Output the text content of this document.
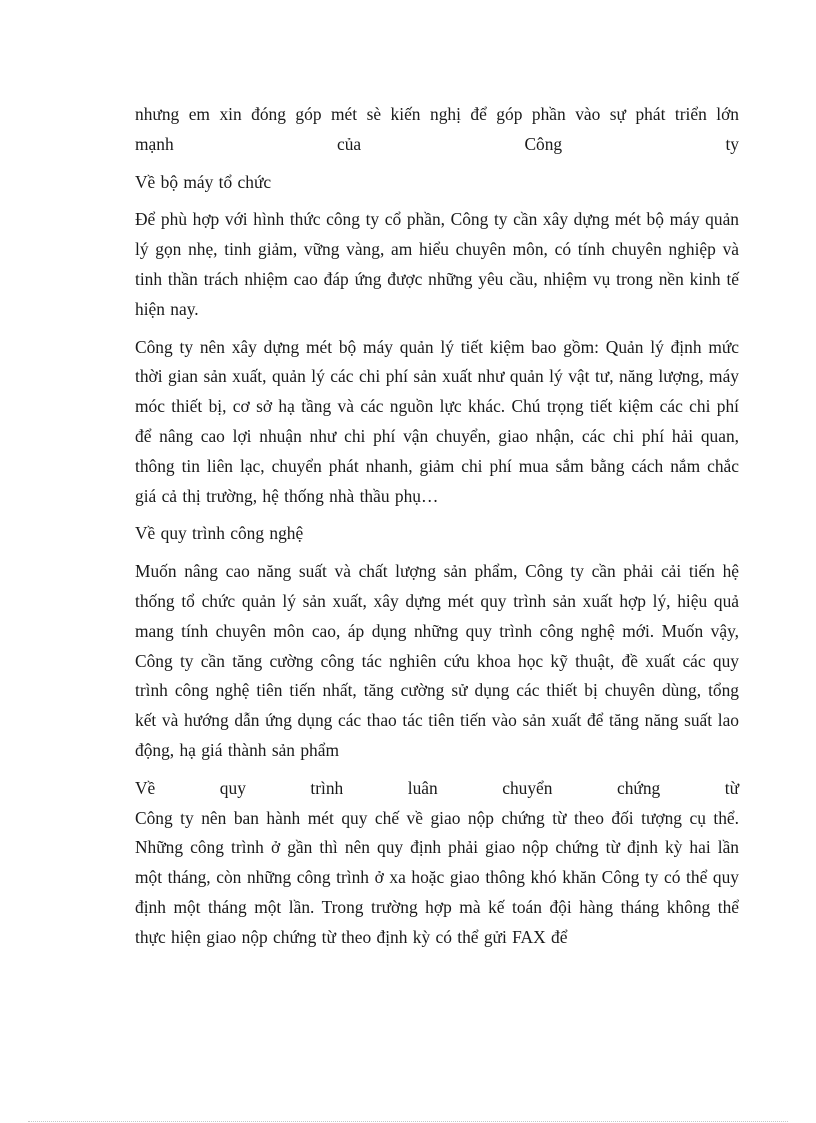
nhưng em xin đóng góp mét sè kiến nghị để góp phần vào sự phát triển lớn

mạnh của Công ty

Về bộ máy tổ chức

Để phù hợp với hình thức công ty cổ phần, Công ty cần xây dựng mét bộ máy quản lý gọn nhẹ, tinh giảm, vững vàng, am hiểu chuyên môn, có tính chuyên nghiệp và tinh thần trách nhiệm cao đáp ứng được những yêu cầu, nhiệm vụ trong nền kinh tế hiện nay.

Công ty nên xây dựng mét bộ máy quản lý tiết kiệm bao gồm: Quản lý định mức thời gian sản xuất, quản lý các chi phí sản xuất như quản lý vật tư, năng lượng, máy móc thiết bị, cơ sở hạ tầng và các nguồn lực khác. Chú trọng tiết kiệm các chi phí để nâng cao lợi nhuận như chi phí vận chuyển, giao nhận, các chi phí hải quan, thông tin liên lạc, chuyển phát nhanh, giảm chi phí mua sắm bằng cách nắm chắc giá cả thị trường, hệ thống nhà thầu phụ…

Về quy trình công nghệ

Muốn nâng cao năng suất và chất lượng sản phẩm, Công ty cần phải cải tiến hệ thống tổ chức quản lý sản xuất, xây dựng mét quy trình sản xuất hợp lý, hiệu quả mang tính chuyên môn cao, áp dụng những quy trình công nghệ mới. Muốn vậy, Công ty cần tăng cường công tác nghiên cứu khoa học kỹ thuật, đề xuất các quy trình công nghệ tiên tiến nhất, tăng cường sử dụng các thiết bị chuyên dùng, tổng kết và hướng dẫn ứng dụng các thao tác tiên tiến vào sản xuất để tăng năng suất lao động, hạ giá thành sản phẩm

Về quy trình luân chuyển chứng từ

Công ty nên ban hành mét quy chế về giao nộp chứng từ theo đối tượng cụ thể. Những công trình ở gần thì nên quy định phải giao nộp chứng từ định kỳ hai lần một tháng, còn những công trình ở xa hoặc giao thông khó khăn Công ty có thể quy định một tháng một lần. Trong trường hợp mà kế toán đội hàng tháng không thể thực hiện giao nộp chứng từ theo định kỳ có thể gửi FAX để
